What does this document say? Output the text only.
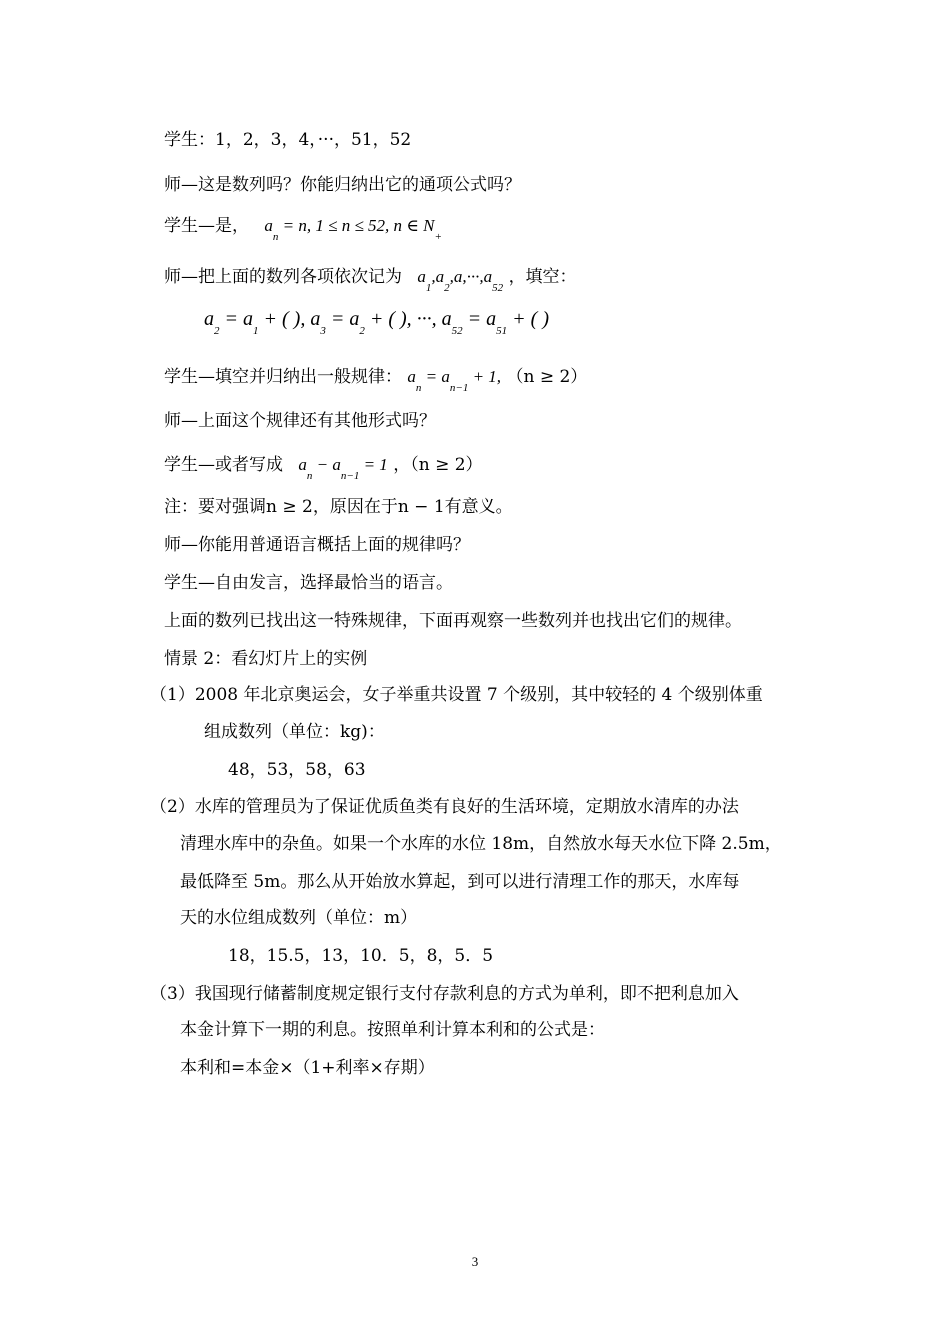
学生：1，2，3，4，···，51，52
师—这是数列吗？你能归纳出它的通项公式吗？
学生—是， $a_n = n$, 1 ≤ n ≤ 52, n ∈ $N_+$
师—把上面的数列各项依次记为 $a_1,a_2,a,\cdot\cdot\cdot,a_{52}$ ，填空：
$a_2 = a_1$ + ( ), $a_3 = a_2$ + ( ), ···, $a_{52} = a_{51}$ + ( )
学生—填空并归纳出一般规律： $a_n = a_{n-1} + 1$, （n ≥ 2）
师—上面这个规律还有其他形式吗？
学生—或者写成 $a_n - a_{n-1} = 1$ ，（n ≥ 2）
注：要对强调n ≥ 2，原因在于n − 1有意义。
师—你能用普通语言概括上面的规律吗？
学生—自由发言，选择最恰当的语言。
上面的数列已找出这一特殊规律，下面再观察一些数列并也找出它们的规律。
情景 2：看幻灯片上的实例
（1）2008 年北京奥运会，女子举重共设置 7 个级别，其中较轻的 4 个级别体重
组成数列（单位：kg)：
48，53，58，63
（2）水库的管理员为了保证优质鱼类有良好的生活环境，定期放水清库的办法
清理水库中的杂鱼。如果一个水库的水位 18m，自然放水每天水位下降 2.5m，
最低降至 5m。那么从开始放水算起，到可以进行清理工作的那天，水库每
天的水位组成数列（单位：m）
18，15.5，13，10．5，8，5．5
（3）我国现行储蓄制度规定银行支付存款利息的方式为单利，即不把利息加入
本金计算下一期的利息。按照单利计算本利和的公式是：
本利和=本金×（1+利率×存期）
3
